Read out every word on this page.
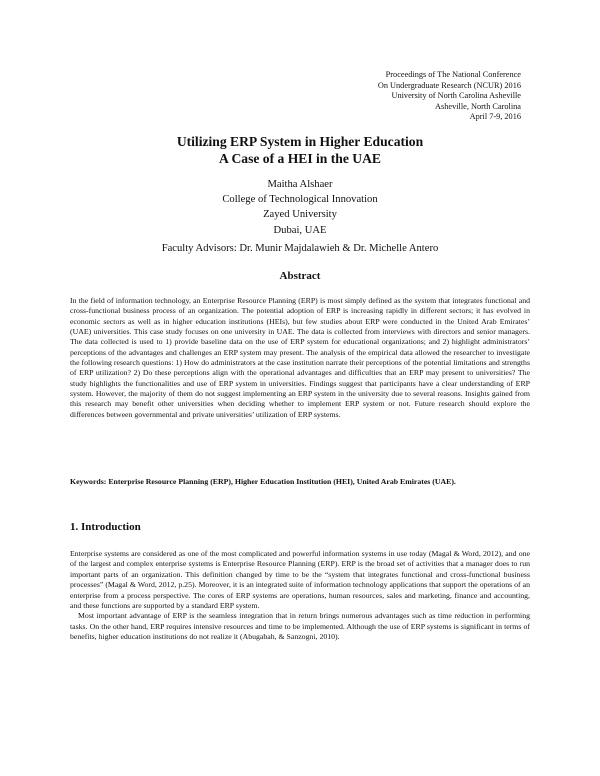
Proceedings of The National Conference
On Undergraduate Research (NCUR) 2016
University of North Carolina Asheville
Asheville, North Carolina
April 7-9, 2016
Utilizing ERP System in Higher Education
A Case of a HEI in the UAE
Maitha Alshaer
College of Technological Innovation
Zayed University
Dubai, UAE
Faculty Advisors: Dr. Munir Majdalawieh & Dr. Michelle Antero
Abstract

In the field of information technology, an Enterprise Resource Planning (ERP) is most simply defined as the system that integrates functional and cross-functional business process of an organization. The potential adoption of ERP is increasing rapidly in different sectors; it has evolved in economic sectors as well as in higher education institutions (HEIs), but few studies about ERP were conducted in the United Arab Emirates’ (UAE) universities. This case study focuses on one university in UAE. The data is collected from interviews with directors and senior managers. The data collected is used to 1) provide baseline data on the use of ERP system for educational organizations; and 2) highlight administrators’ perceptions of the advantages and challenges an ERP system may present. The analysis of the empirical data allowed the researcher to investigate the following research questions: 1) How do administrators at the case institution narrate their perceptions of the potential limitations and strengths of ERP utilization? 2) Do these perceptions align with the operational advantages and difficulties that an ERP may present to universities? The study highlights the functionalities and use of ERP system in universities. Findings suggest that participants have a clear understanding of ERP system. However, the majority of them do not suggest implementing an ERP system in the university due to several reasons. Insights gained from this research may benefit other universities when deciding whether to implement ERP system or not. Future research should explore the differences between governmental and private universities’ utilization of ERP systems.

Keywords: Enterprise Resource Planning (ERP), Higher Education Institution (HEI), United Arab Emirates (UAE).
1. Introduction

Enterprise systems are considered as one of the most complicated and powerful information systems in use today (Magal & Word, 2012), and one of the largest and complex enterprise systems is Enterprise Resource Planning (ERP). ERP is the broad set of activities that a manager does to run important parts of an organization. This definition changed by time to be the “system that integrates functional and cross-functional business processes” (Magal & Word, 2012, p.25). Moreover, it is an integrated suite of information technology applications that support the operations of an enterprise from a process perspective. The cores of ERP systems are operations, human resources, sales and marketing, finance and accounting, and these functions are supported by a standard ERP system.

Most important advantage of ERP is the seamless integration that in return brings numerous advantages such as time reduction in performing tasks. On the other hand, ERP requires intensive resources and time to be implemented. Although the use of ERP systems is significant in terms of benefits, higher education institutions do not realize it (Abugabah, & Sanzogni, 2010).
